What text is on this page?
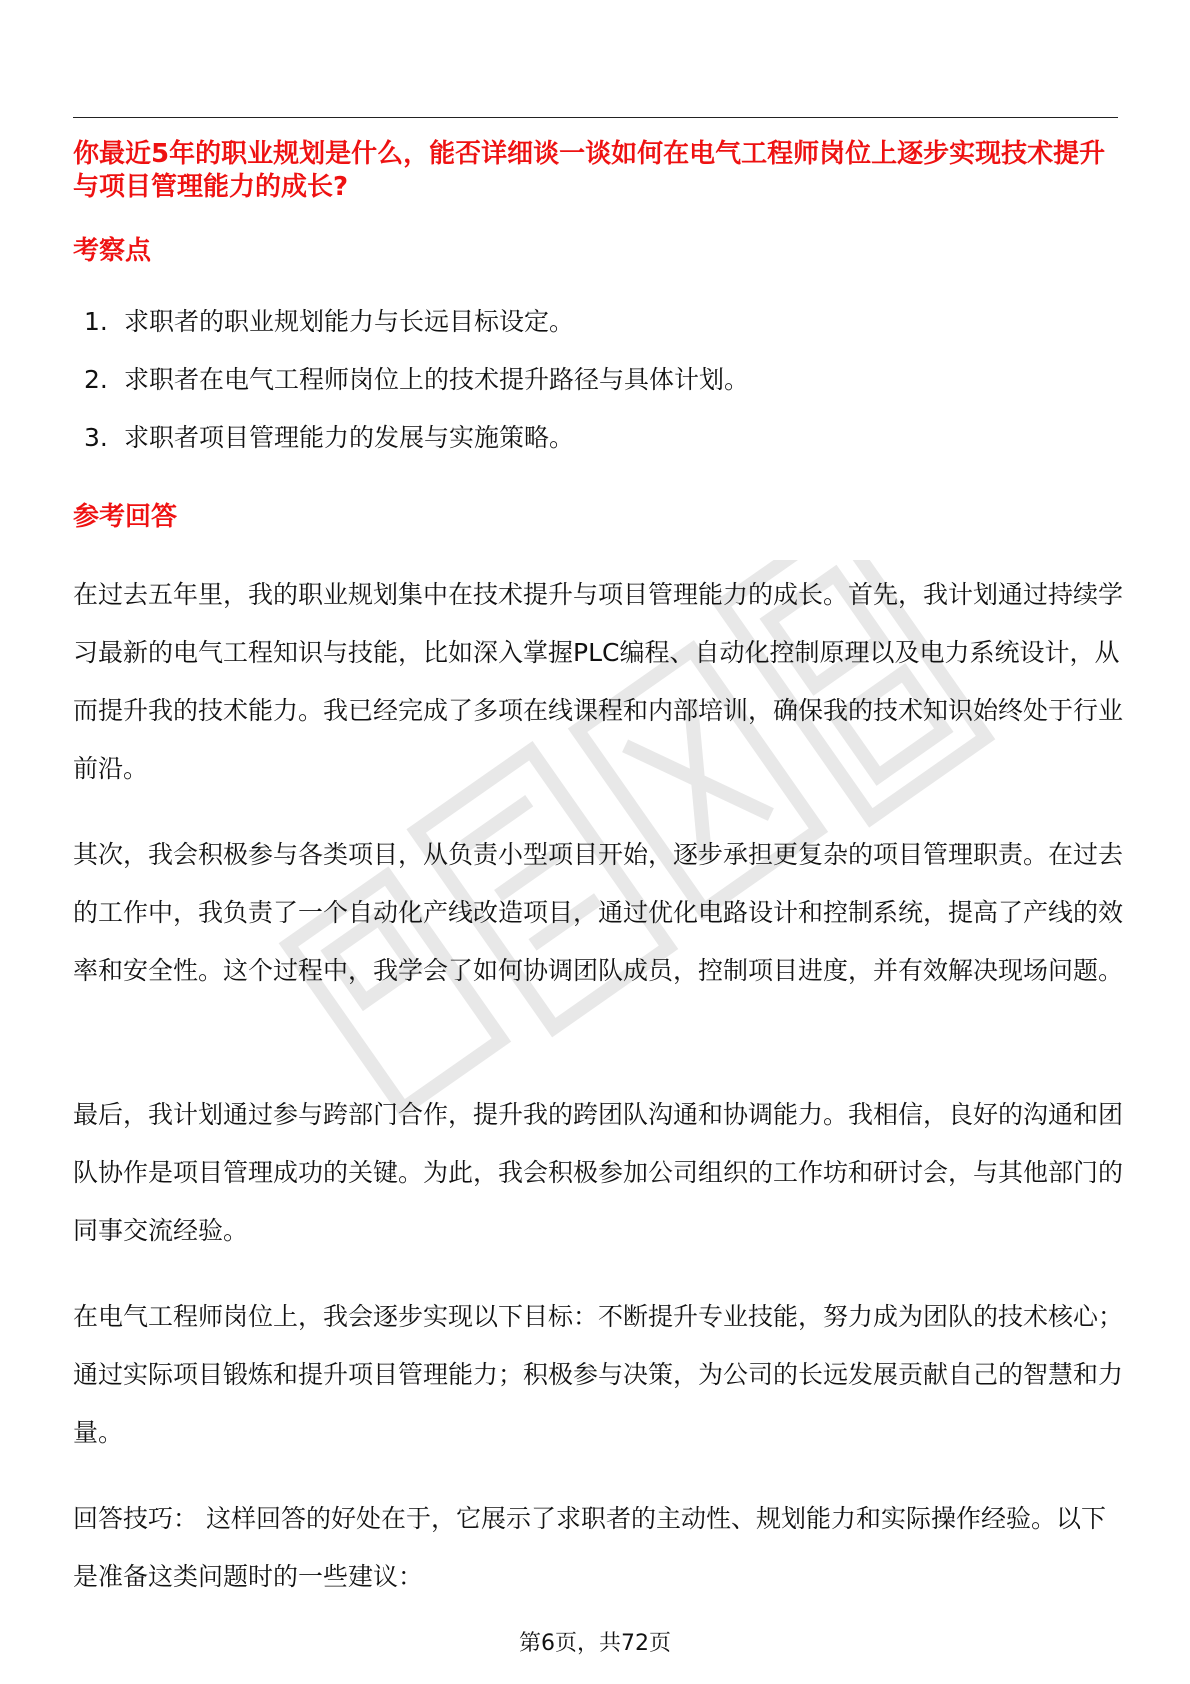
你最近5年的职业规划是什么，能否详细谈一谈如何在电气工程师岗位上逐步实现技术提升与项目管理能力的成长?

考察点
1. 求职者的职业规划能力与长远目标设定。
2. 求职者在电气工程师岗位上的技术提升路径与具体计划。
3. 求职者项目管理能力的发展与实施策略。
参考回答

在过去五年里，我的职业规划集中在技术提升与项目管理能力的成长。首先，我计划通过持续学习最新的电气工程知识与技能，比如深入掌握PLC编程、自动化控制原理以及电力系统设计，从而提升我的技术能力。我已经完成了多项在线课程和内部培训，确保我的技术知识始终处于行业前沿。

其次，我会积极参与各类项目，从负责小型项目开始，逐步承担更复杂的项目管理职责。在过去的工作中，我负责了一个自动化产线改造项目，通过优化电路设计和控制系统，提高了产线的效率和安全性。这个过程中，我学会了如何协调团队成员，控制项目进度，并有效解决现场问题。

最后，我计划通过参与跨部门合作，提升我的跨团队沟通和协调能力。我相信，良好的沟通和团队协作是项目管理成功的关键。为此，我会积极参加公司组织的工作坊和研讨会，与其他部门的同事交流经验。

在电气工程师岗位上，我会逐步实现以下目标：不断提升专业技能，努力成为团队的技术核心；通过实际项目锻炼和提升项目管理能力；积极参与决策，为公司的长远发展贡献自己的智慧和力量。

回答技巧： 这样回答的好处在于，它展示了求职者的主动性、规划能力和实际操作经验。以下是准备这类问题时的一些建议：

第6页，共72页
